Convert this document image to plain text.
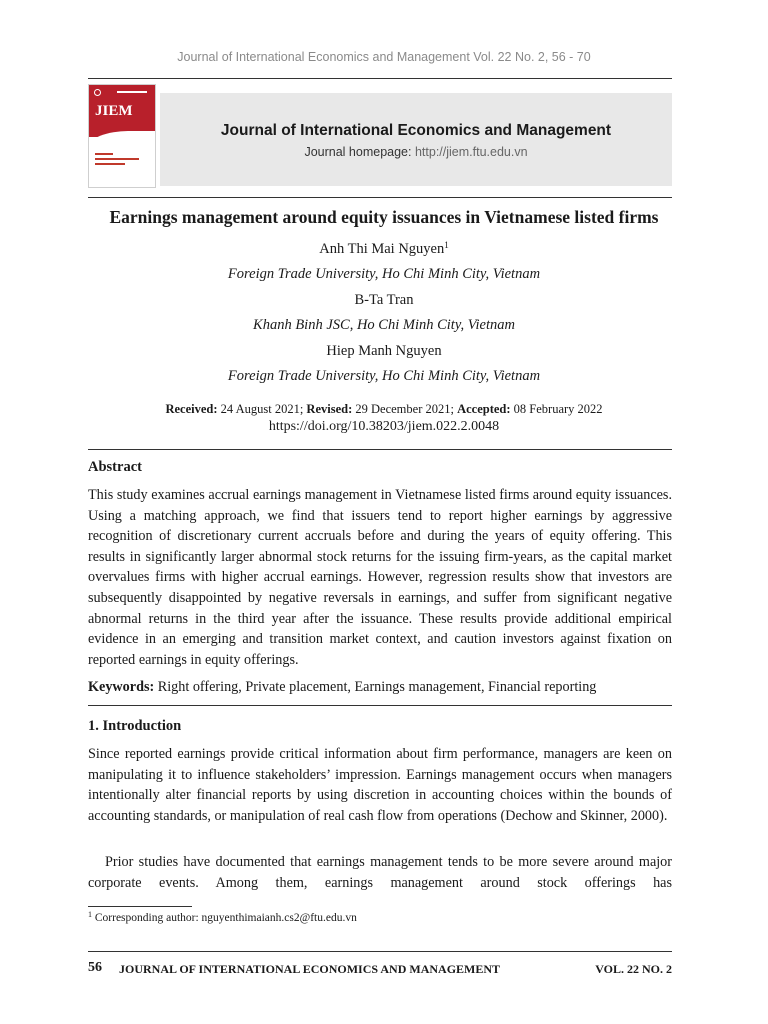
Journal of International Economics and Management Vol. 22 No. 2, 56 - 70
JIEM
Journal of International Economics and Management
Journal homepage: http://jiem.ftu.edu.vn
Earnings management around equity issuances in Vietnamese listed firms
Anh Thi Mai Nguyen$^1$
Foreign Trade University, Ho Chi Minh City, Vietnam
B-Ta Tran
Khanh Binh JSC, Ho Chi Minh City, Vietnam
Hiep Manh Nguyen
Foreign Trade University, Ho Chi Minh City, Vietnam
Received: 24 August 2021; Revised: 29 December 2021; Accepted: 08 February 2022
https://doi.org/10.38203/jiem.022.2.0048
Abstract

This study examines accrual earnings management in Vietnamese listed firms around equity issuances. Using a matching approach, we find that issuers tend to report higher earnings by aggressive recognition of discretionary current accruals before and during the years of equity offering. This results in significantly larger abnormal stock returns for the issuing firm-years, as the capital market overvalues firms with higher accrual earnings. However, regression results show that investors are subsequently disappointed by negative reversals in earnings, and suffer from significant negative abnormal returns in the third year after the issuance. These results provide additional empirical evidence in an emerging and transition market context, and caution investors against fixation on reported earnings in equity offerings.

Keywords: Right offering, Private placement, Earnings management, Financial reporting
1. Introduction

Since reported earnings provide critical information about firm performance, managers are keen on manipulating it to influence stakeholders’ impression. Earnings management occurs when managers intentionally alter financial reports by using discretion in accounting choices within the bounds of accounting standards, or manipulation of real cash flow from operations (Dechow and Skinner, 2000).

Prior studies have documented that earnings management tends to be more severe around major corporate events. Among them, earnings management around stock offerings has

$^1$ Corresponding author: nguyenthimaianh.cs2@ftu.edu.vn
56 JOURNAL OF INTERNATIONAL ECONOMICS AND MANAGEMENT	VOL. 22 NO. 2
